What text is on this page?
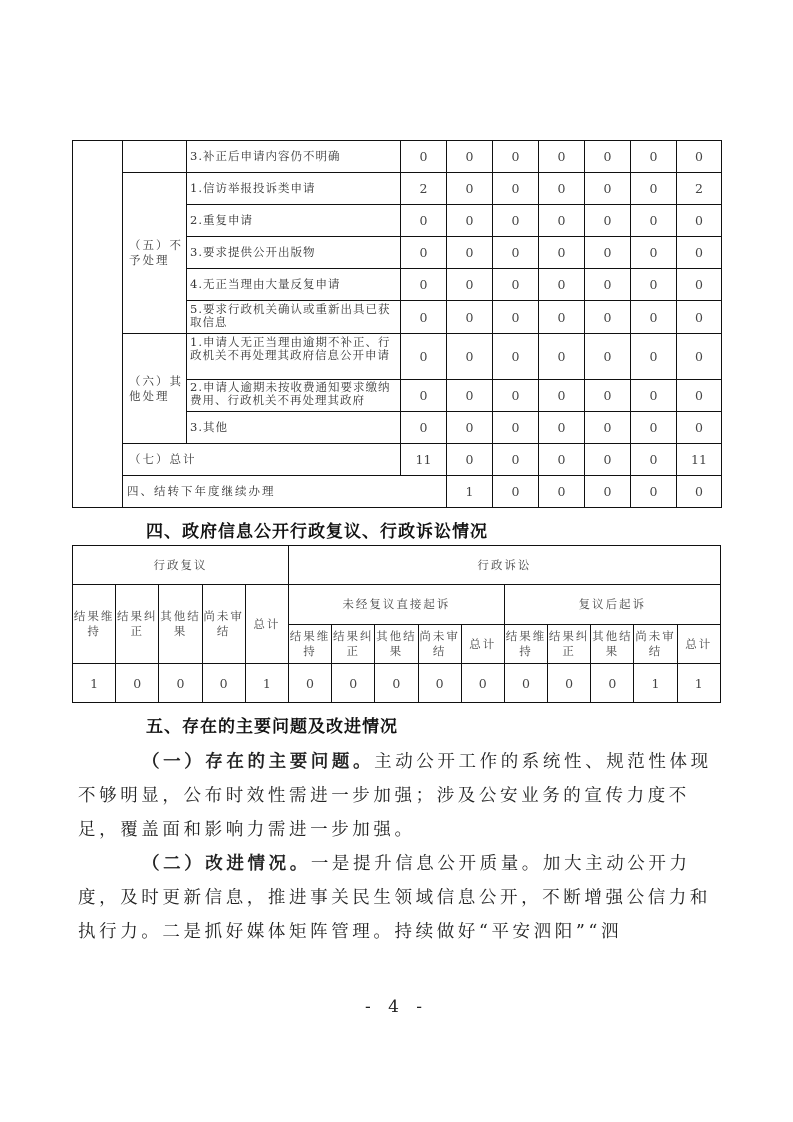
		3.补正后申请内容仍不明确	0	0	0	0	0	0	0	
	（五）不予处理	1.信访举报投诉类申请	2	0	0	0	0	0	2	
		2.重复申请	0	0	0	0	0	0	0	
		3.要求提供公开出版物	0	0	0	0	0	0	0	
		4.无正当理由大量反复申请	0	0	0	0	0	0	0	

		5.要求行政机关确认或重新出具已获取信息	0	0	0	0	0	0	0	
	（六）其他处理	1.申请人无正当理由逾期不补正、行政机关不再处理其政府信息公开申请	0	0	0	0	0	0	0	

		2.申请人逾期未按收费通知要求缴纳费用、行政机关不再处理其政府	0	0	0	0	0	0	0	
		3.其他	0	0	0	0	0	0	0	
	（七）总计		11	0	0	0	0	0	11	
	四、结转下年度继续办理			1	0	0	0	0	0	
四、政府信息公开行政复议、行政诉讼情况
行政复议					行政诉讼									
结果维持	结果纠正	其他结果	尚未审结	总计	未经复议直接起诉					复议后起诉				
					结果维持	结果纠正	其他结果	尚未审结	总计	结果维持	结果纠正	其他结果	尚未审结	总计
1	0	0	0	1	0	0	0	0	0	0	0	0	1	1
五、存在的主要问题及改进情况
（一）存在的主要问题。主动公开工作的系统性、规范性体现不够明显，公布时效性需进一步加强；涉及公安业务的宣传力度不足，覆盖面和影响力需进一步加强。
（二）改进情况。一是提升信息公开质量。加大主动公开力度，及时更新信息，推进事关民生领域信息公开，不断增强公信力和执行力。二是抓好媒体矩阵管理。持续做好“平安泗阳”“泗
- 4 -
